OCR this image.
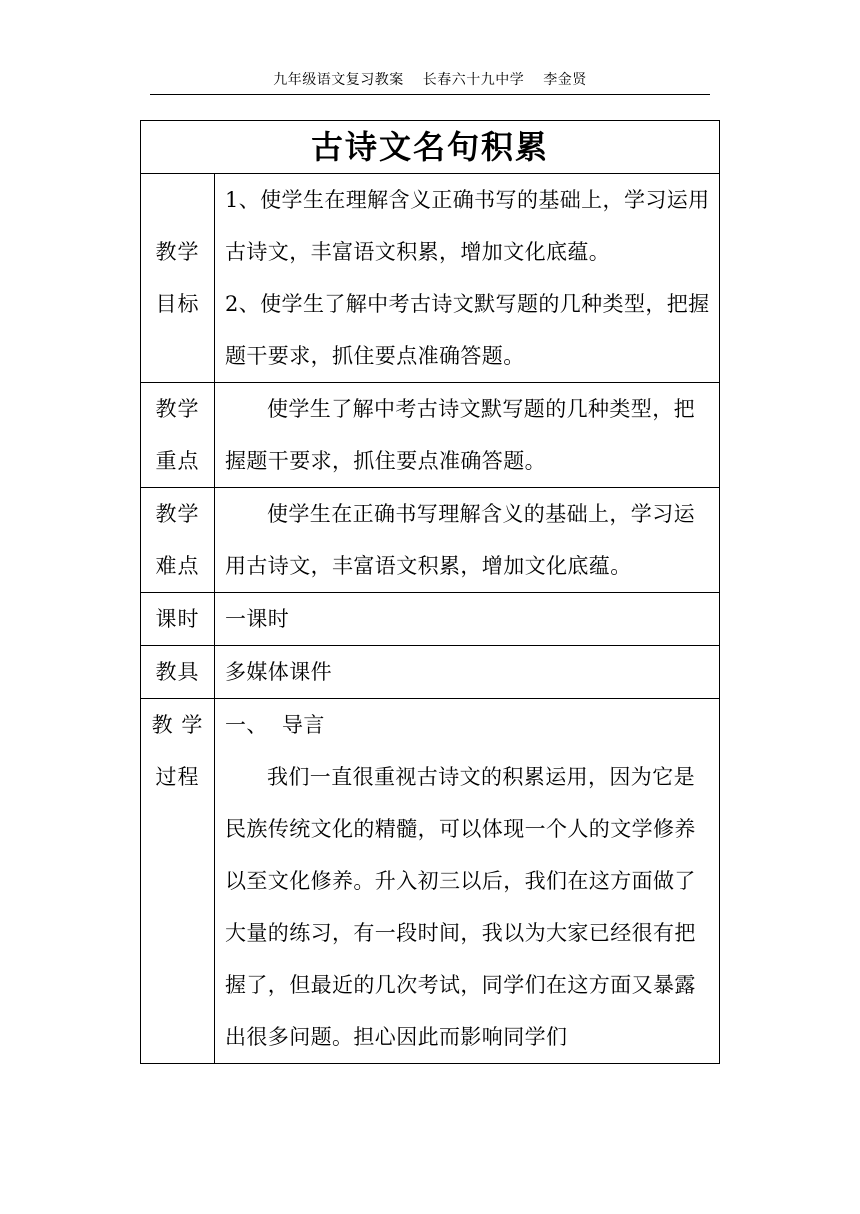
九年级语文复习教案 长春六十九中学 李金贤
古诗文名句积累	

教学
目标	1、使学生在理解含义正确书写的基础上，学习运用古诗文，丰富语文积累，增加文化底蕴。
2、使学生了解中考古诗文默写题的几种类型，把握题干要求，抓住要点准确答题。

教学
重点	使学生了解中考古诗文默写题的几种类型，把握题干要求，抓住要点准确答题。

教学
难点	使学生在正确书写理解含义的基础上，学习运用古诗文，丰富语文积累，增加文化底蕴。

课时	一课时
教具	多媒体课件

教 学
过程	一、  导言
我们一直很重视古诗文的积累运用，因为它是民族传统文化的精髓，可以体现一个人的文学修养以至文化修养。升入初三以后，我们在这方面做了大量的练习，有一段时间，我以为大家已经很有把握了，但最近的几次考试，同学们在这方面又暴露出很多问题。担心因此而影响同学们
